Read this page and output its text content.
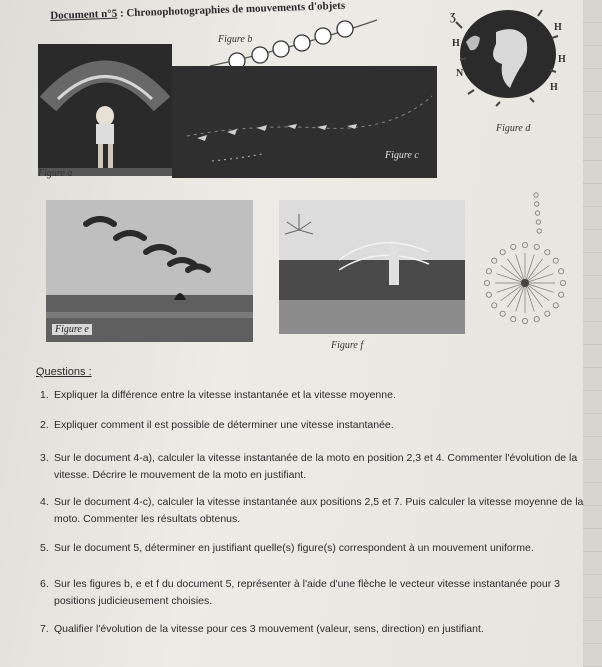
Document n°5 : Chronophotographies de mouvements d'objets
Figure b
Figure a
Figure c
Ʒ
H
H
H
H
N
Figure d
Figure e
Figure f
Questions :
1. Expliquer la différence entre la vitesse instantanée et la vitesse moyenne.
2. Expliquer comment il est possible de déterminer une vitesse instantanée.
3. Sur le document 4-a), calculer la vitesse instantanée de la moto en position 2,3 et 4. Commenter l'évolution de la vitesse. Décrire le mouvement de la moto en justifiant.
4. Sur le document 4-c), calculer la vitesse instantanée aux positions 2,5 et 7. Puis calculer la vitesse moyenne de la moto. Commenter les résultats obtenus.
5. Sur le document 5, déterminer en justifiant quelle(s) figure(s) correspondent à un mouvement uniforme.
6. Sur les figures b, e et f du document 5, représenter à l'aide d'une flèche le vecteur vitesse instantanée pour 3 positions judicieusement choisies.
7. Qualifier l'évolution de la vitesse pour ces 3 mouvement (valeur, sens, direction) en justifiant.
